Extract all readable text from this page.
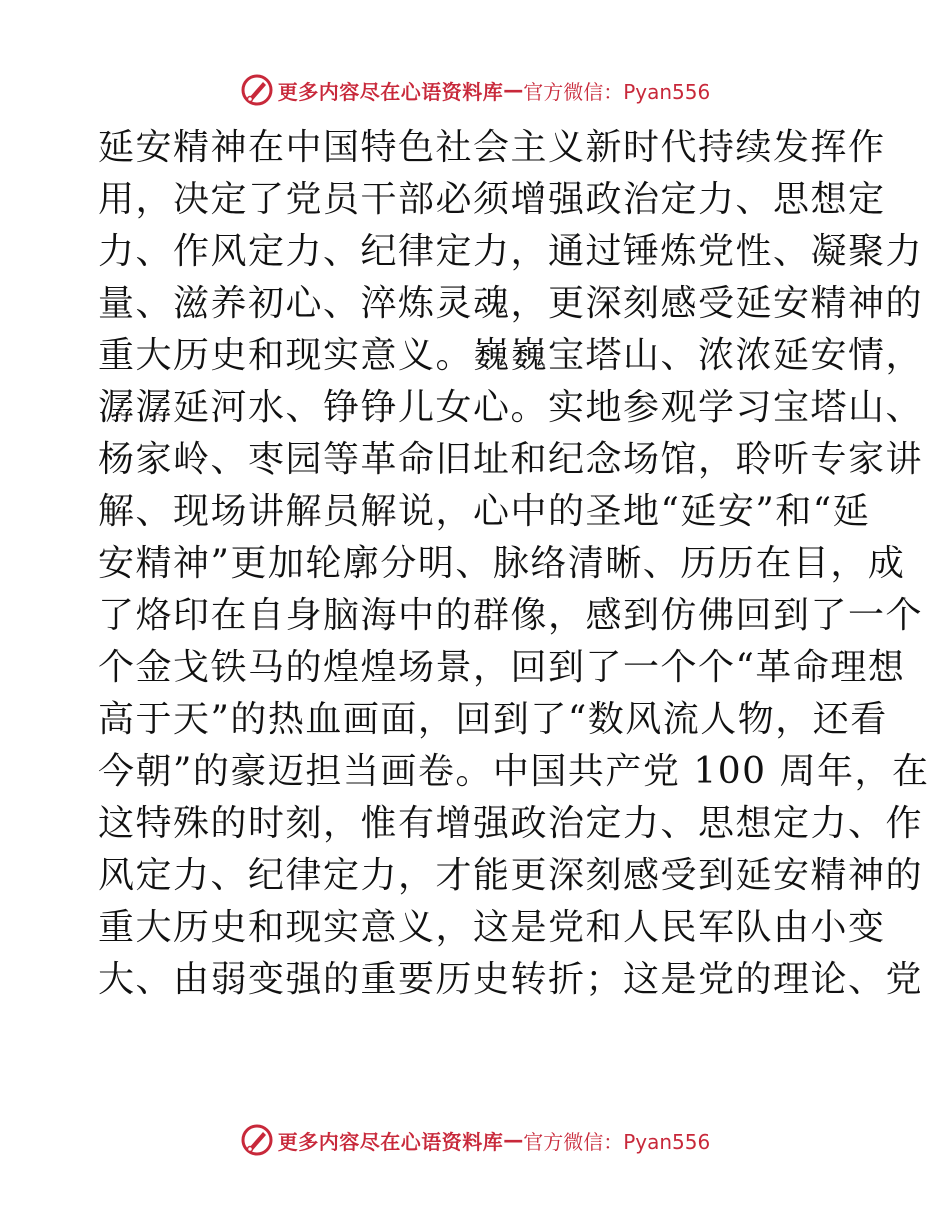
更多内容尽在心语资料库 — 官方微信：Pyan556
延安精神在中国特色社会主义新时代持续发挥作
用，决定了党员干部必须增强政治定力、思想定
力、作风定力、纪律定力，通过锤炼党性、凝聚力
量、滋养初心、淬炼灵魂，更深刻感受延安精神的
重大历史和现实意义。巍巍宝塔山、浓浓延安情，
潺潺延河水、铮铮儿女心。实地参观学习宝塔山、
杨家岭、枣园等革命旧址和纪念场馆，聆听专家讲
解、现场讲解员解说，心中的圣地“延安”和“延
安精神”更加轮廓分明、脉络清晰、历历在目，成
了烙印在自身脑海中的群像，感到仿佛回到了一个
个金戈铁马的煌煌场景，回到了一个个“革命理想
高于天”的热血画面，回到了“数风流人物，还看
今朝”的豪迈担当画卷。中国共产党 100 周年，在
这特殊的时刻，惟有增强政治定力、思想定力、作
风定力、纪律定力，才能更深刻感受到延安精神的
重大历史和现实意义，这是党和人民军队由小变
大、由弱变强的重要历史转折；这是党的理论、党
更多内容尽在心语资料库 — 官方微信：Pyan556
